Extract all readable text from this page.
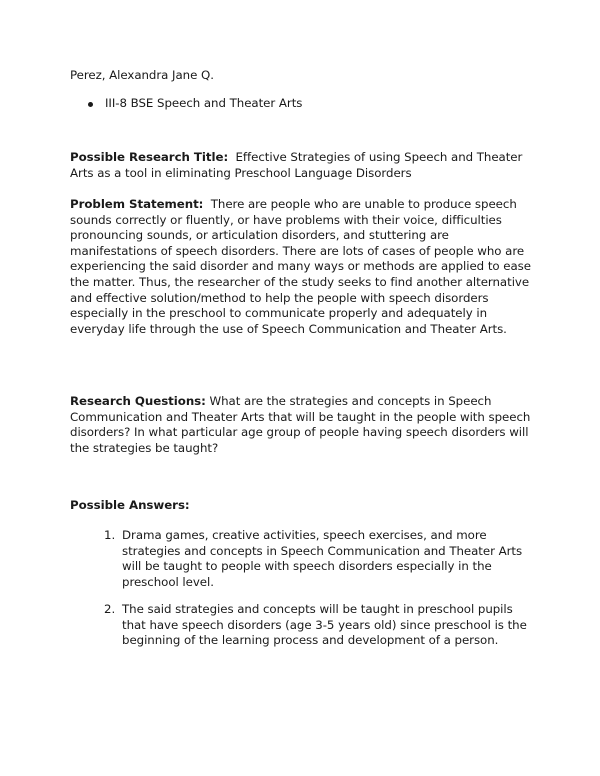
Perez, Alexandra Jane Q.
III-8 BSE Speech and Theater Arts

Possible Research Title: Effective Strategies of using Speech and Theater Arts as a tool in eliminating Preschool Language Disorders

Problem Statement: There are people who are unable to produce speech sounds correctly or fluently, or have problems with their voice, difficulties pronouncing sounds, or articulation disorders, and stuttering are manifestations of speech disorders. There are lots of cases of people who are experiencing the said disorder and many ways or methods are applied to ease the matter. Thus, the researcher of the study seeks to find another alternative and effective solution/method to help the people with speech disorders especially in the preschool to communicate properly and adequately in everyday life through the use of Speech Communication and Theater Arts.

Research Questions: What are the strategies and concepts in Speech Communication and Theater Arts that will be taught in the people with speech disorders? In what particular age group of people having speech disorders will the strategies be taught?

Possible Answers:

1. Drama games, creative activities, speech exercises, and more strategies and concepts in Speech Communication and Theater Arts will be taught to people with speech disorders especially in the preschool level.
2. The said strategies and concepts will be taught in preschool pupils that have speech disorders (age 3-5 years old) since preschool is the beginning of the learning process and development of a person.
